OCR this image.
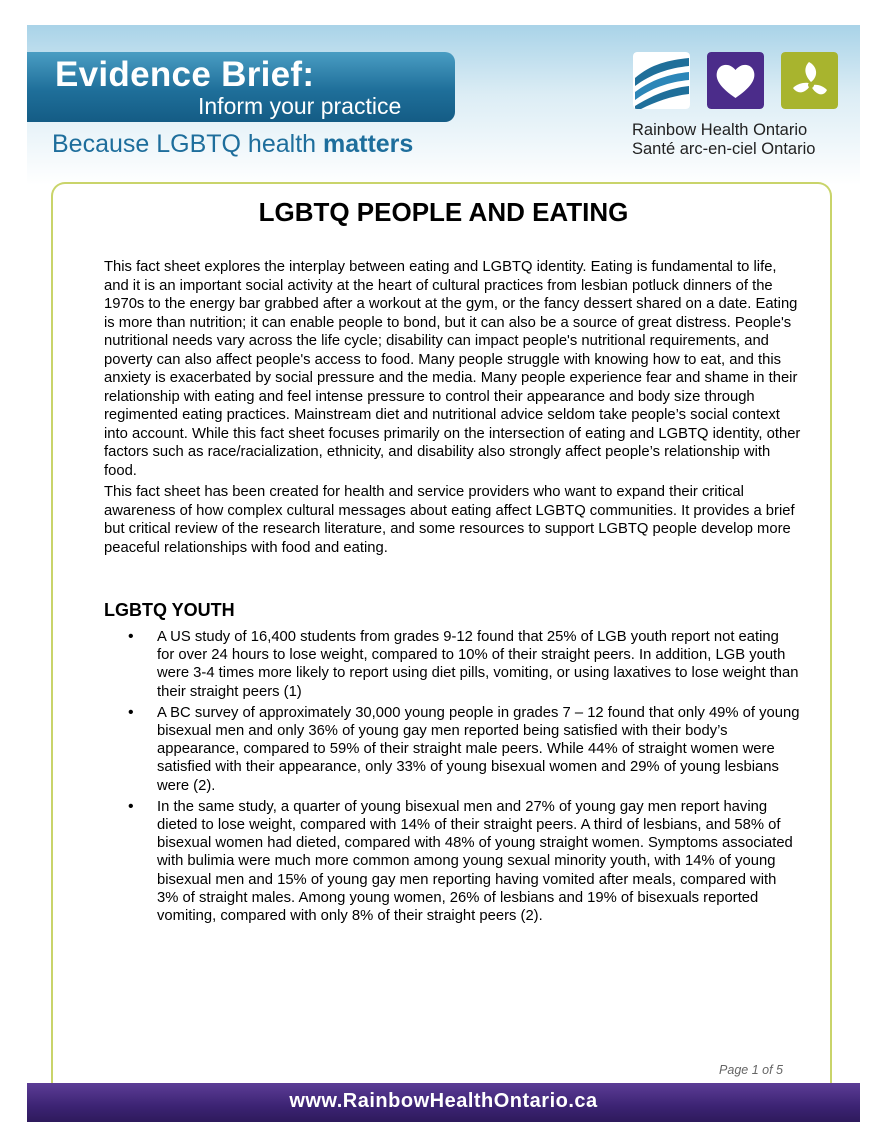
Evidence Brief:
Inform your practice
Because LGBTQ health matters	Rainbow Health Ontario
Santé arc-en-ciel Ontario
LGBTQ PEOPLE AND EATING

This fact sheet explores the interplay between eating and LGBTQ identity. Eating is fundamental to life, and it is an important social activity at the heart of cultural practices from lesbian potluck dinners of the 1970s to the energy bar grabbed after a workout at the gym, or the fancy dessert shared on a date. Eating is more than nutrition; it can enable people to bond, but it can also be a source of great distress. People's nutritional needs vary across the life cycle; disability can impact people's nutritional requirements, and poverty can also affect people's access to food. Many people struggle with knowing how to eat, and this anxiety is exacerbated by social pressure and the media. Many people experience fear and shame in their relationship with eating and feel intense pressure to control their appearance and body size through regimented eating practices. Mainstream diet and nutritional advice seldom take people’s social context into account. While this fact sheet focuses primarily on the intersection of eating and LGBTQ identity, other factors such as race/racialization, ethnicity, and disability also strongly affect people’s relationship with food.

This fact sheet has been created for health and service providers who want to expand their critical awareness of how complex cultural messages about eating affect LGBTQ communities. It provides a brief but critical review of the research literature, and some resources to support LGBTQ people develop more peaceful relationships with food and eating.

LGBTQ YOUTH
• A US study of 16,400 students from grades 9-12 found that 25% of LGB youth report not eating for over 24 hours to lose weight, compared to 10% of their straight peers. In addition, LGB youth were 3-4 times more likely to report using diet pills, vomiting, or using laxatives to lose weight than their straight peers (1)
• A BC survey of approximately 30,000 young people in grades 7 – 12 found that only 49% of young bisexual men and only 36% of young gay men reported being satisfied with their body’s appearance, compared to 59% of their straight male peers. While 44% of straight women were satisfied with their appearance, only 33% of young bisexual women and 29% of young lesbians were (2).
• In the same study, a quarter of young bisexual men and 27% of young gay men report having dieted to lose weight, compared with 14% of their straight peers. A third of lesbians, and 58% of bisexual women had dieted, compared with 48% of young straight women. Symptoms associated with bulimia were much more common among young sexual minority youth, with 14% of young bisexual men and 15% of young gay men reporting having vomited after meals, compared with 3% of straight males. Among young women, 26% of lesbians and 19% of bisexuals reported vomiting, compared with only 8% of their straight peers (2).
Page 1 of 5
www.RainbowHealthOntario.ca
